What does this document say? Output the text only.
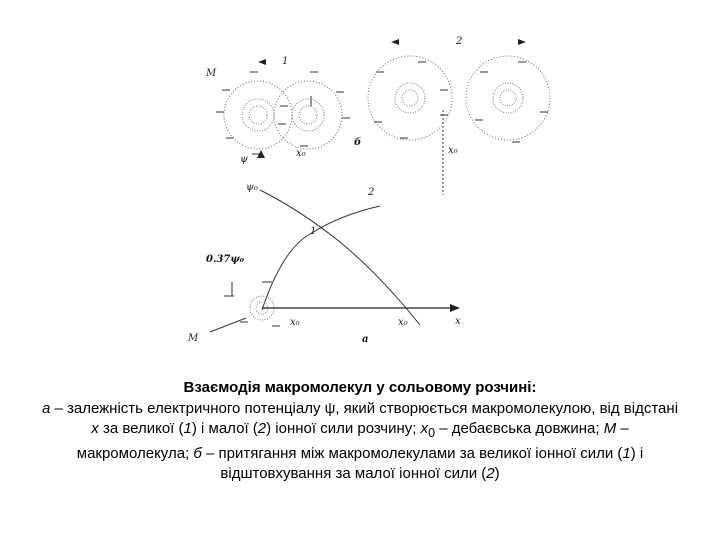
1
2
M
x₀
б
x₀
ψ
ψ₀
1
2
0.37ψ₀
x
M
x₀	x₀
а
Взаємодія макромолекул у сольовому розчині:
а – залежність електричного потенціалу ψ, який створюється макромолекулою, від відстані x за великої (1) і малої (2) іонної сили розчину; $x_0$ – дебаєвська довжина; М – макромолекула; б – притягання між макромолекулами за великої іонної сили (1) і відштовхування за малої іонної сили (2)
